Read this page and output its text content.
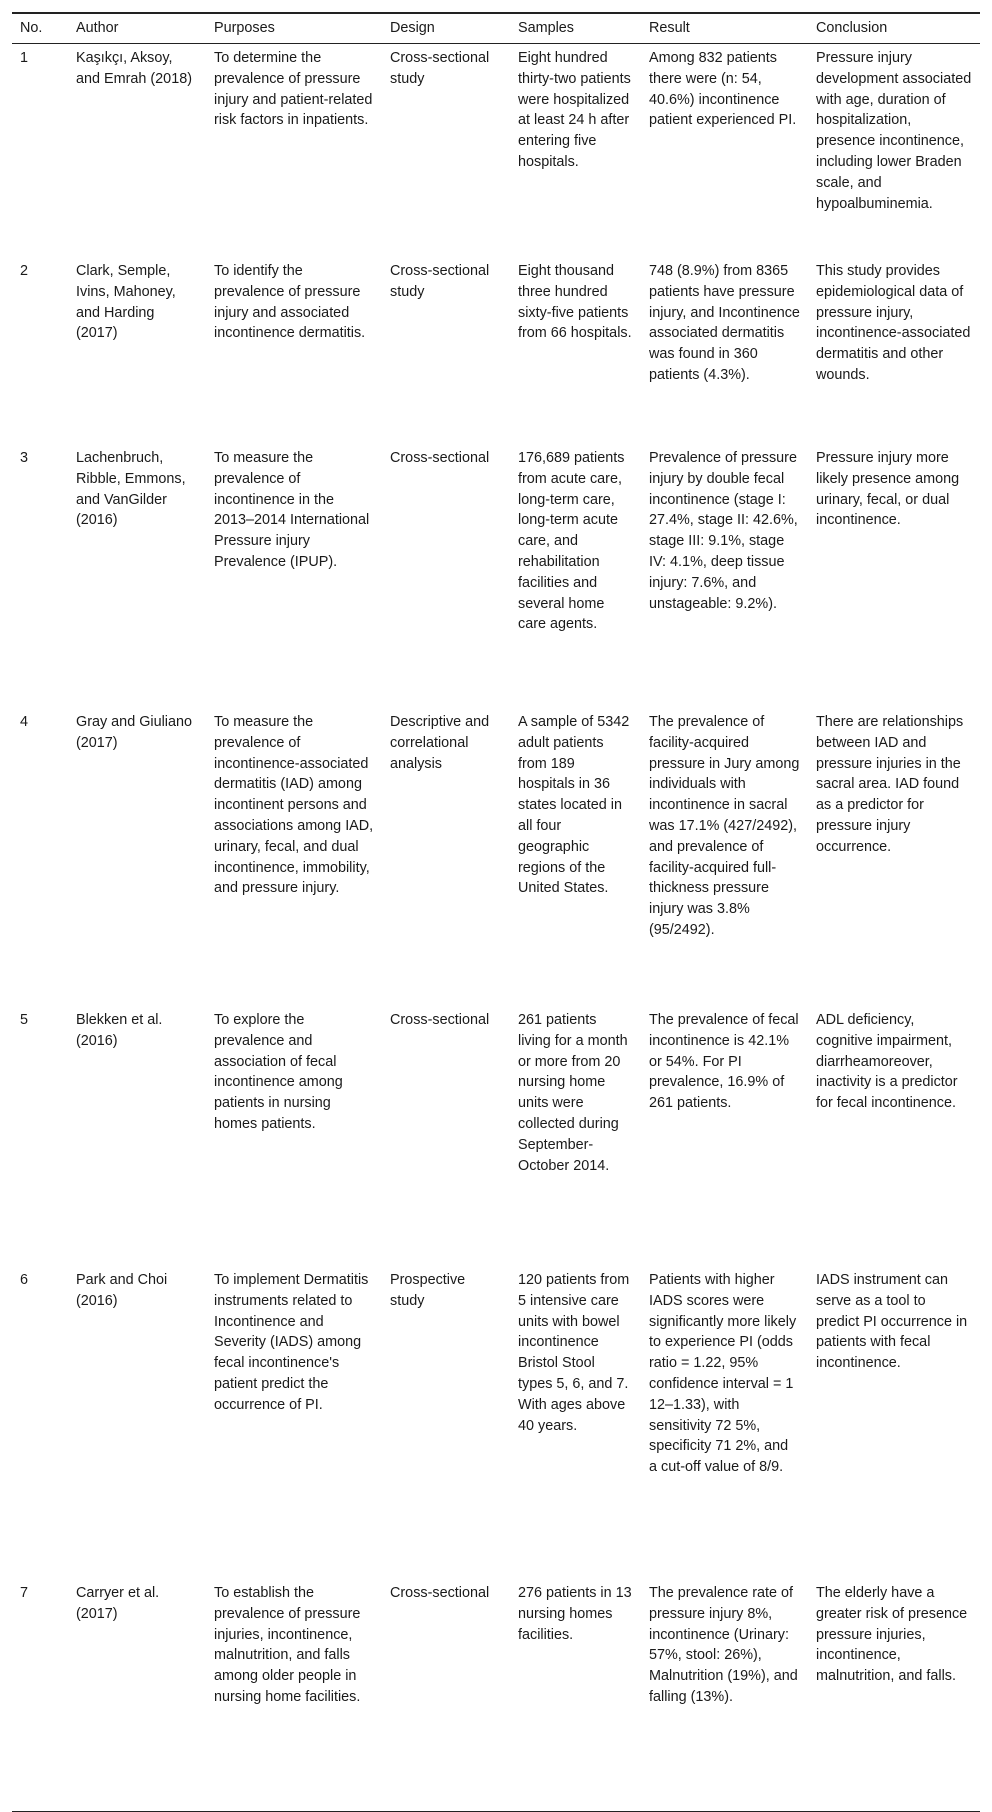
No.	Author	Purposes	Design	Samples	Result	Conclusion
1	Kaşıkçı, Aksoy, and Emrah (2018)	To determine the prevalence of pressure injury and patient-related risk factors in inpatients.	Cross-sectional study	Eight hundred thirty-two patients were hospitalized at least 24 h after entering five hospitals.	Among 832 patients there were (n: 54, 40.6%) incontinence patient experienced PI.	Pressure injury development associated with age, duration of hospitalization, presence incontinence, including lower Braden scale, and hypoalbuminemia.
2	Clark, Semple, Ivins, Mahoney, and Harding (2017)	To identify the prevalence of pressure injury and associated incontinence dermatitis.	Cross-sectional study	Eight thousand three hundred sixty-five patients from 66 hospitals.	748 (8.9%) from 8365 patients have pressure injury, and Incontinence associated dermatitis was found in 360 patients (4.3%).	This study provides epidemiological data of pressure injury, incontinence-associated dermatitis and other wounds.
3	Lachenbruch, Ribble, Emmons, and VanGilder (2016)	To measure the prevalence of incontinence in the 2013–2014 International Pressure injury Prevalence (IPUP).	Cross-sectional	176,689 patients from acute care, long-term care, long-term acute care, and rehabilitation facilities and several home care agents.	Prevalence of pressure injury by double fecal incontinence (stage I: 27.4%, stage II: 42.6%, stage III: 9.1%, stage IV: 4.1%, deep tissue injury: 7.6%, and unstageable: 9.2%).	Pressure injury more likely presence among urinary, fecal, or dual incontinence.
4	Gray and Giuliano (2017)	To measure the prevalence of incontinence-associated dermatitis (IAD) among incontinent persons and associations among IAD, urinary, fecal, and dual incontinence, immobility, and pressure injury.	Descriptive and correlational analysis	A sample of 5342 adult patients from 189 hospitals in 36 states located in all four geographic regions of the United States.	The prevalence of facility-acquired pressure in Jury among individuals with incontinence in sacral was 17.1% (427/2492), and prevalence of facility-acquired full-thickness pressure injury was 3.8% (95/2492).	There are relationships between IAD and pressure injuries in the sacral area. IAD found as a predictor for pressure injury occurrence.
5	Blekken et al. (2016)	To explore the prevalence and association of fecal incontinence among patients in nursing homes patients.	Cross-sectional	261 patients living for a month or more from 20 nursing home units were collected during September-October 2014.	The prevalence of fecal incontinence is 42.1% or 54%. For PI prevalence, 16.9% of 261 patients.	ADL deficiency, cognitive impairment, diarrheamoreover, inactivity is a predictor for fecal incontinence.
6	Park and Choi (2016)	To implement Dermatitis instruments related to Incontinence and Severity (IADS) among fecal incontinence's patient predict the occurrence of PI.	Prospective study	120 patients from 5 intensive care units with bowel incontinence Bristol Stool types 5, 6, and 7. With ages above 40 years.	Patients with higher IADS scores were significantly more likely to experience PI (odds ratio = 1.22, 95% confidence interval = 1 12–1.33), with sensitivity 72 5%, specificity 71 2%, and a cut-off value of 8/9.	IADS instrument can serve as a tool to predict PI occurrence in patients with fecal incontinence.
7	Carryer et al. (2017)	To establish the prevalence of pressure injuries, incontinence, malnutrition, and falls among older people in nursing home facilities.	Cross-sectional	276 patients in 13 nursing homes facilities.	The prevalence rate of pressure injury 8%, incontinence (Urinary: 57%, stool: 26%), Malnutrition (19%), and falling (13%).	The elderly have a greater risk of presence pressure injuries, incontinence, malnutrition, and falls.
